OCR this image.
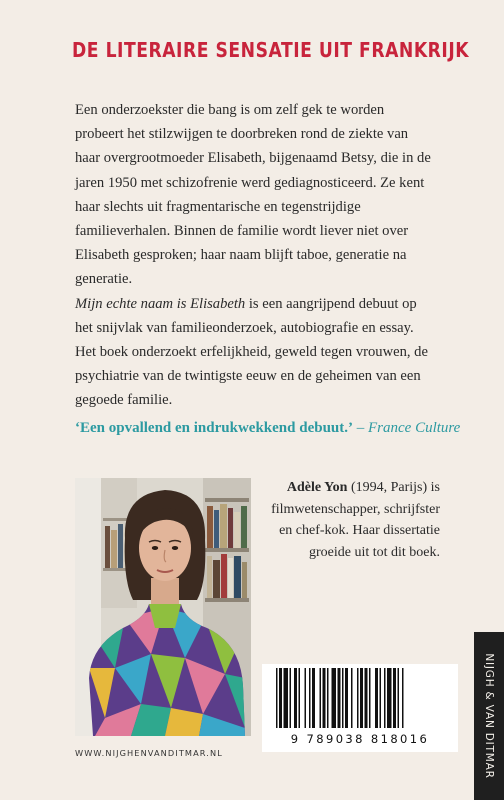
DE LITERAIRE SENSATIE UIT FRANKRIJK

Een onderzoekster die bang is om zelf gek te worden probeert het stilzwijgen te doorbreken rond de ziekte van haar overgrootmoeder Elisabeth, bijgenaamd Betsy, die in de jaren 1950 met schizofrenie werd gediagnosticeerd. Ze kent haar slechts uit fragmentarische en tegenstrijdige familieverhalen. Binnen de familie wordt liever niet over Elisabeth gesproken; haar naam blijft taboe, generatie na generatie.

Mijn echte naam is Elisabeth is een aangrijpend debuut op het snijvlak van familieonderzoek, autobiografie en essay. Het boek onderzoekt erfelijkheid, geweld tegen vrouwen, de psychiatrie van de twintigste eeuw en de geheimen van een gegoede familie.

‘Een opvallend en indrukwekkend debuut.’ – France Culture
Adèle Yon (1994, Parijs) is filmwetenschapper, schrijfster en chef-kok. Haar dissertatie groeide uit tot dit boek.
WWW.NIJGHENVANDITMAR.NL
9 789038 818016	NIJGH & VAN DITMAR
